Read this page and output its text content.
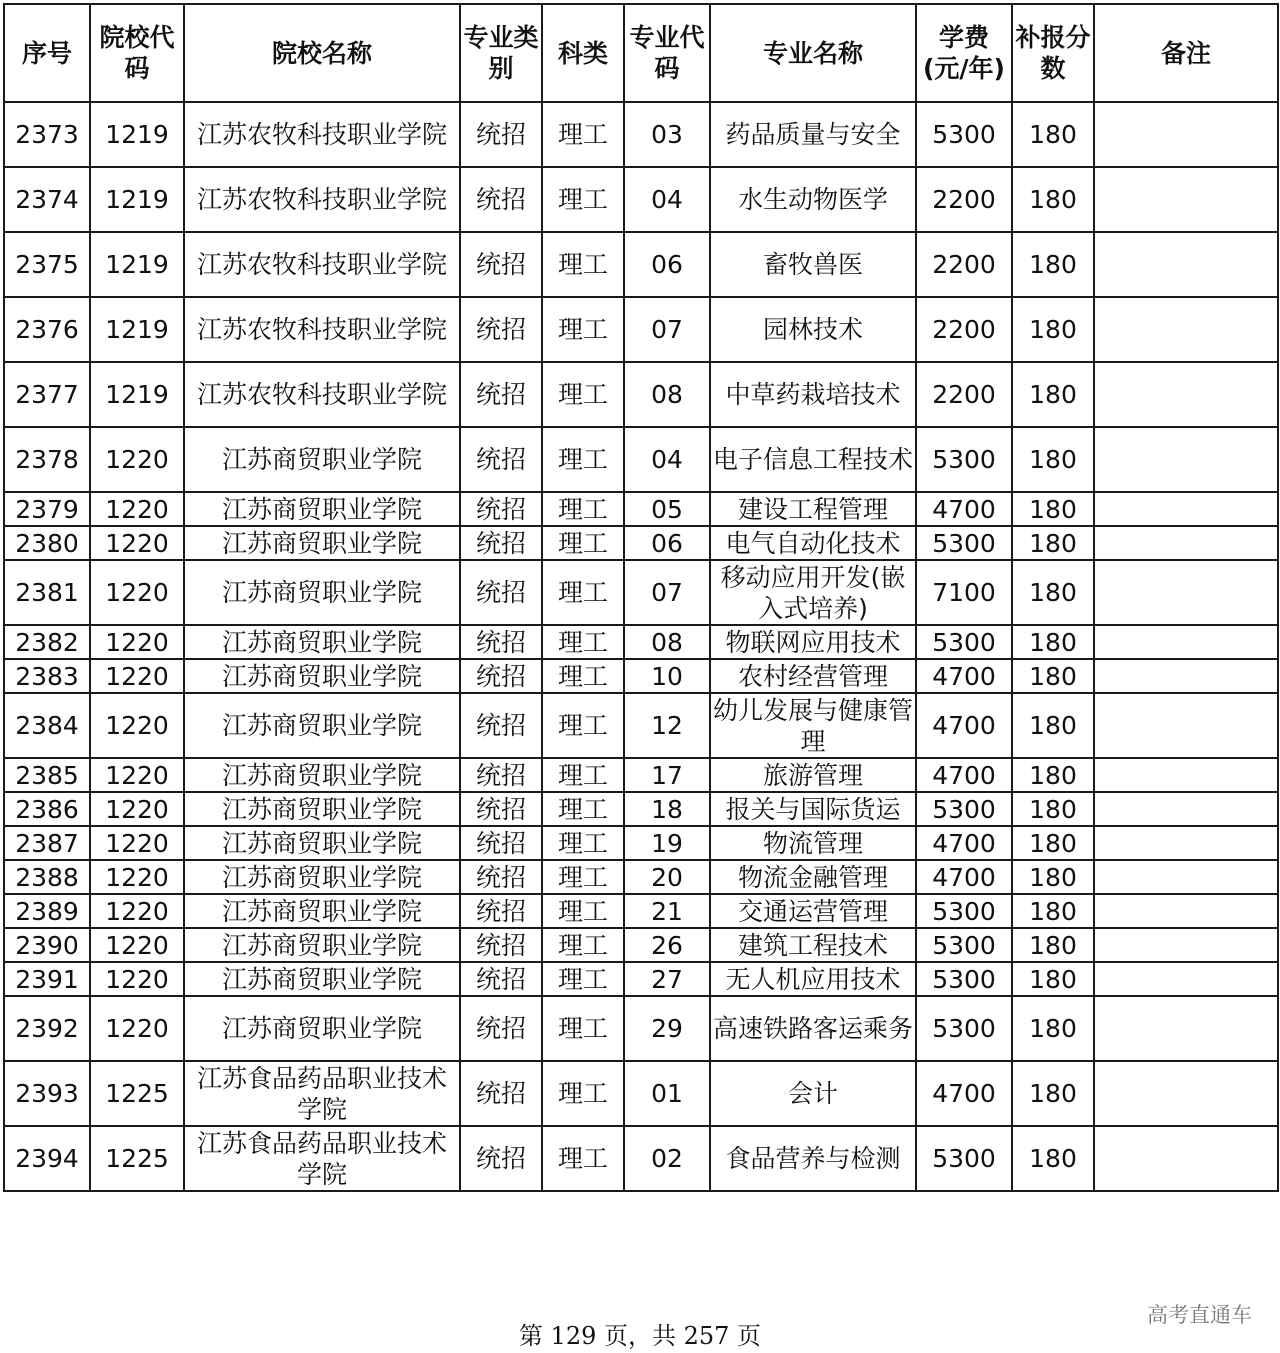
序号	院校代码	院校名称	专业类别	科类	专业代码	专业名称	学费(元/年)	补报分数	备注
2373	1219	江苏农牧科技职业学院	统招	理工	03	药品质量与安全	5300	180	
2374	1219	江苏农牧科技职业学院	统招	理工	04	水生动物医学	2200	180	
2375	1219	江苏农牧科技职业学院	统招	理工	06	畜牧兽医	2200	180	
2376	1219	江苏农牧科技职业学院	统招	理工	07	园林技术	2200	180	
2377	1219	江苏农牧科技职业学院	统招	理工	08	中草药栽培技术	2200	180	
2378	1220	江苏商贸职业学院	统招	理工	04	电子信息工程技术	5300	180	
2379	1220	江苏商贸职业学院	统招	理工	05	建设工程管理	4700	180	
2380	1220	江苏商贸职业学院	统招	理工	06	电气自动化技术	5300	180	
2381	1220	江苏商贸职业学院	统招	理工	07	移动应用开发(嵌入式培养)	7100	180	
2382	1220	江苏商贸职业学院	统招	理工	08	物联网应用技术	5300	180	
2383	1220	江苏商贸职业学院	统招	理工	10	农村经营管理	4700	180	
2384	1220	江苏商贸职业学院	统招	理工	12	幼儿发展与健康管理	4700	180	
2385	1220	江苏商贸职业学院	统招	理工	17	旅游管理	4700	180	
2386	1220	江苏商贸职业学院	统招	理工	18	报关与国际货运	5300	180	
2387	1220	江苏商贸职业学院	统招	理工	19	物流管理	4700	180	
2388	1220	江苏商贸职业学院	统招	理工	20	物流金融管理	4700	180	
2389	1220	江苏商贸职业学院	统招	理工	21	交通运营管理	5300	180	
2390	1220	江苏商贸职业学院	统招	理工	26	建筑工程技术	5300	180	
2391	1220	江苏商贸职业学院	统招	理工	27	无人机应用技术	5300	180	
2392	1220	江苏商贸职业学院	统招	理工	29	高速铁路客运乘务	5300	180	
2393	1225	江苏食品药品职业技术学院	统招	理工	01	会计	4700	180	
2394	1225	江苏食品药品职业技术学院	统招	理工	02	食品营养与检测	5300	180	
第 129 页，共 257 页
高考直通车
